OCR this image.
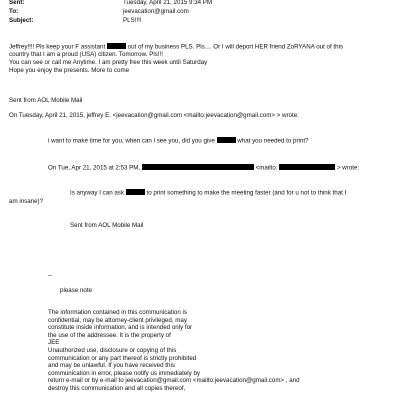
Sent:	Tuesday, April 21, 2015 9:34 PM
To:	jeevacation@gmail.com
Subject:	PLS!!!!
Jeffrey!!!! Pls keep your F assistant	out of my business PLS. Pls.... Or I will deport HER friend ZoRYANA out of this
country that I am a proud (USA) citizen. Tomorrow. Pls!!!
You can see or call me Anytime. I am pretty free this week until Saturday
Hope you enjoy the presents. More to come
Sent from AOL Mobile Mail
On Tuesday, April 21, 2015, jeffrey E. <jeevacation@gmail.com <mailto:jeevacation@gmail.com> > wrote:
i want to make time for you, when can i see you, did you give	what you needed to print?
On Tue, Apr 21, 2015 at 2:53 PM,	<mailto:	> wrote:
Is anyway I can ask	to print something to make the meeting faster (and for u not to think that I
am insane)?
Sent from AOL Mobile Mail
--
please note
The information contained in this communication is
confidential, may be attorney-client privileged, may
constitute inside information, and is intended only for
the use of the addressee. It is the property of
JEE
Unauthorized use, disclosure or copying of this
communication or any part thereof is strictly prohibited
and may be unlawful. If you have received this
communication in error, please notify us immediately by
return e-mail or by e-mail to jeevacation@gmail.com <mailto:jeevacation@gmail.com> , and
destroy this communication and all copies thereof,
